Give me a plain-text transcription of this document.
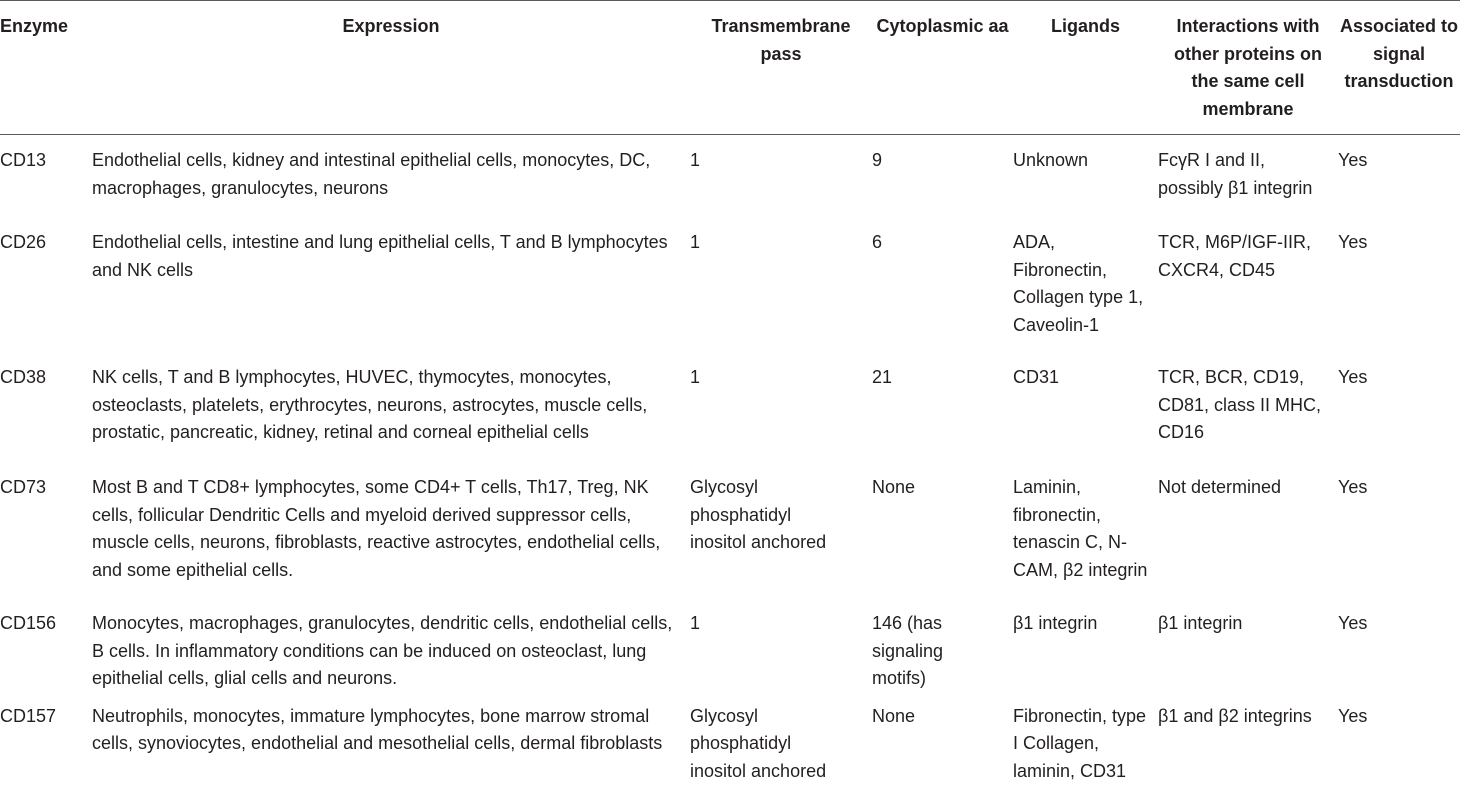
Enzyme	Expression	Transmembrane pass	Cytoplasmic aa	Ligands	Interactions with other proteins on the same cell membrane	Associated to signal transduction
CD13	Endothelial cells, kidney and intestinal epithelial cells, monocytes, DC, macrophages, granulocytes, neurons	1	9	Unknown	FcγR I and II, possibly β1 integrin	Yes
CD26	Endothelial cells, intestine and lung epithelial cells, T and B lymphocytes and NK cells	1	6	ADA, Fibronectin, Collagen type 1, Caveolin-1	TCR, M6P/IGF-IIR, CXCR4, CD45	Yes
CD38	NK cells, T and B lymphocytes, HUVEC, thymocytes, monocytes, osteoclasts, platelets, erythrocytes, neurons, astrocytes, muscle cells, prostatic, pancreatic, kidney, retinal and corneal epithelial cells	1	21	CD31	TCR, BCR, CD19, CD81, class II MHC, CD16	Yes
CD73	Most B and T CD8+ lymphocytes, some CD4+ T cells, Th17, Treg, NK cells, follicular Dendritic Cells and myeloid derived suppressor cells, muscle cells, neurons, fibroblasts, reactive astrocytes, endothelial cells, and some epithelial cells.	Glycosyl phosphatidyl inositol anchored	None	Laminin, fibronectin, tenascin C, N-CAM, β2 integrin	Not determined	Yes
CD156	Monocytes, macrophages, granulocytes, dendritic cells, endothelial cells, B cells. In inflammatory conditions can be induced on osteoclast, lung epithelial cells, glial cells and neurons.	1	146 (has signaling motifs)	β1 integrin	β1 integrin	Yes
CD157	Neutrophils, monocytes, immature lymphocytes, bone marrow stromal cells, synoviocytes, endothelial and mesothelial cells, dermal fibroblasts	Glycosyl phosphatidyl inositol anchored	None	Fibronectin, type I Collagen, laminin, CD31	β1 and β2 integrins	Yes
